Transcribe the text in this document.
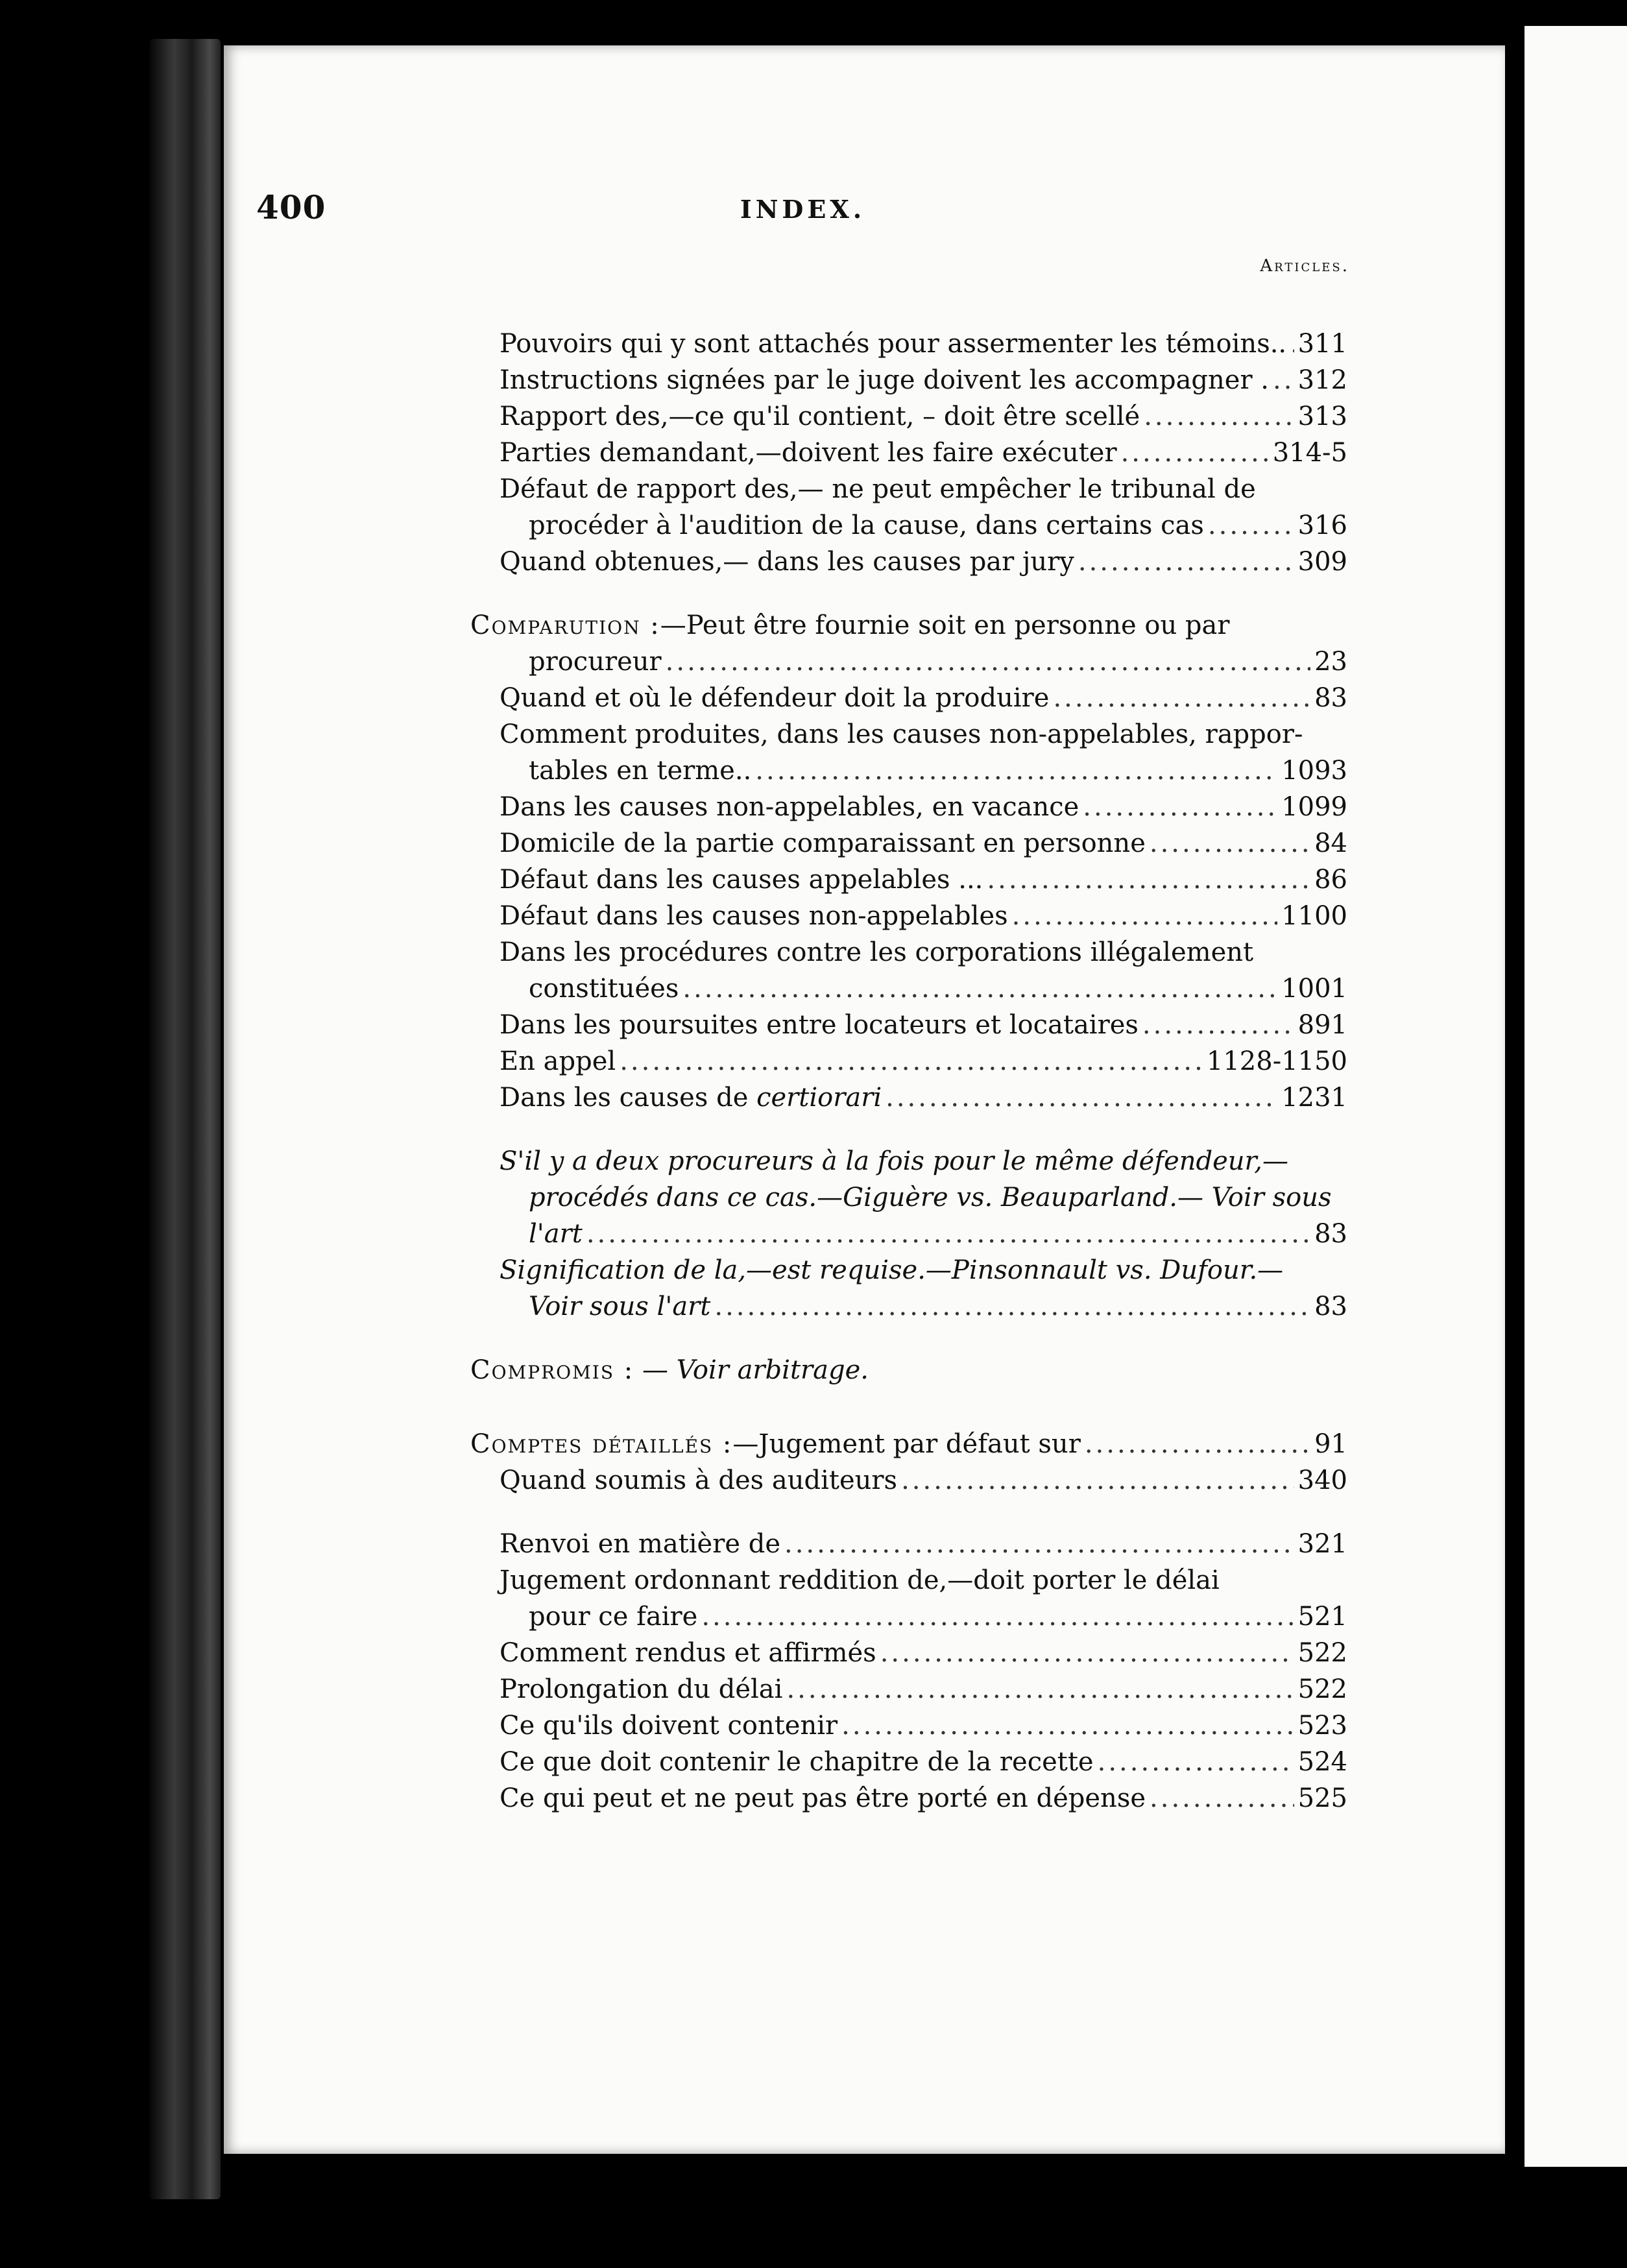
400	INDEX.
Articles.
Pouvoirs qui y sont attachés pour assermenter les témoins.. ..... 311
Instructions signées par le juge doivent les accompagner . ..... 312
Rapport des,—ce qu'il contient, – doit être scellé .....	313
Parties demandant,—doivent les faire exécuter .....	314-5
Défaut de rapport des,— ne peut empêcher le tribunal de
procéder à l'audition de la cause, dans certains cas .....	316
Quand obtenues,— dans les causes par jury .....	309
Comparution :—Peut être fournie soit en personne ou par
procureur .....	23
Quand et où le défendeur doit la produire .....	83
Comment produites, dans les causes non-appelables, rappor-
tables en terme.. .....	1093
Dans les causes non-appelables, en vacance .....	1099
Domicile de la partie comparaissant en personne .....	84
Défaut dans les causes appelables ... .....	86
Défaut dans les causes non-appelables .....	1100
Dans les procédures contre les corporations illégalement
constituées .....	1001
Dans les poursuites entre locateurs et locataires .....	891
En appel .....	1128-1150
Dans les causes de certiorari .....	1231
S'il y a deux procureurs à la fois pour le même défendeur,—
procédés dans ce cas.—Giguère vs. Beauparland.— Voir sous
l'art .....	83
Signification de la,—est requise.—Pinsonnault vs. Dufour.—
Voir sous l'art .....	83
Compromis : — Voir arbitrage.
Comptes détaillés :—Jugement par défaut sur .....	91
Quand soumis à des auditeurs .....	340
Renvoi en matière de .....	321
Jugement ordonnant reddition de,—doit porter le délai
pour ce faire .....	521
Comment rendus et affirmés .....	522
Prolongation du délai .....	522
Ce qu'ils doivent contenir .....	523
Ce que doit contenir le chapitre de la recette .....	524
Ce qui peut et ne peut pas être porté en dépense .....	525
